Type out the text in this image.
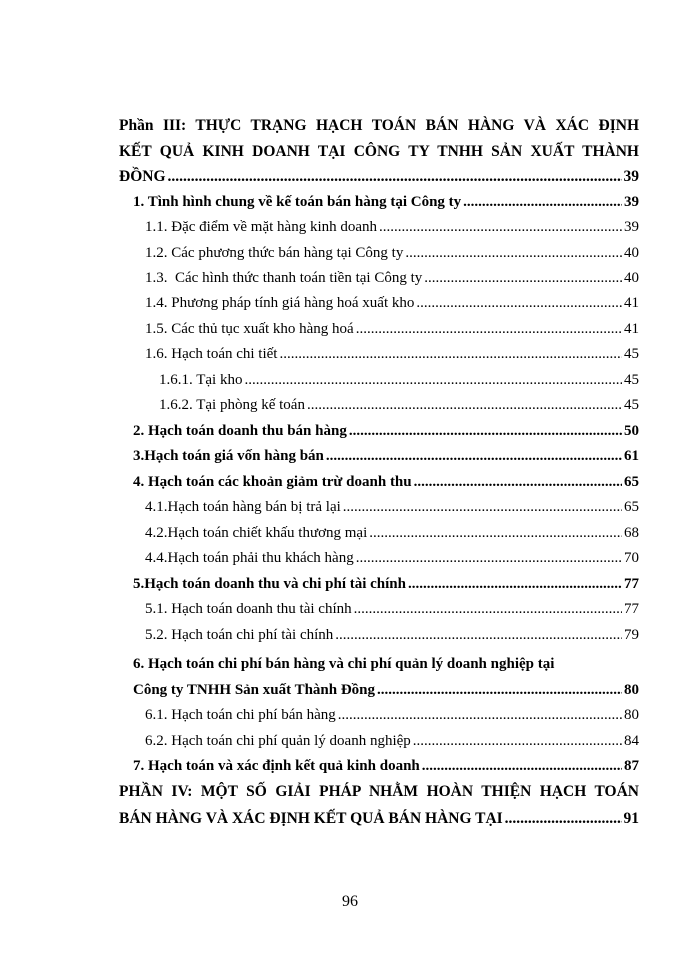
Phần III: THỰC TRẠNG HẠCH TOÁN BÁN HÀNG VÀ XÁC ĐỊNH
KẾT QUẢ KINH DOANH TẠI CÔNG TY TNHH SẢN XUẤT THÀNH
ĐỒNG .....	39
1. Tình hình chung về kế toán bán hàng tại Công ty .....	39
1.1. Đặc điểm về mặt hàng kinh doanh .....	39
1.2. Các phương thức bán hàng tại Công ty .....	40
1.3.  Các hình thức thanh toán tiền tại Công ty .....	40
1.4. Phương pháp tính giá hàng hoá xuất kho .....	41
1.5. Các thủ tục xuất kho hàng hoá .....	41
1.6. Hạch toán chi tiết .....	45
1.6.1. Tại kho .....	45
1.6.2. Tại phòng kế toán .....	45
2. Hạch toán doanh thu bán hàng .....	50
3.Hạch toán giá vốn hàng bán .....	61
4. Hạch toán các khoản giảm trừ doanh thu .....	65
4.1.Hạch toán hàng bán bị trả lại .....	65
4.2.Hạch toán chiết khấu thương mại .....	68
4.4.Hạch toán phải thu khách hàng .....	70
5.Hạch toán doanh thu và chi phí tài chính .....	77
5.1. Hạch toán doanh thu tài chính .....	77
5.2. Hạch toán chi phí tài chính .....	79
6. Hạch toán chi phí bán hàng và chi phí quản lý doanh nghiệp tại
Công ty TNHH Sản xuất Thành Đồng .....	80
6.1. Hạch toán chi phí bán hàng .....	80
6.2. Hạch toán chi phí quản lý doanh nghiệp .....	84
7. Hạch toán và xác định kết quả kinh doanh .....	87
PHẦN IV: MỘT SỐ GIẢI PHÁP NHẰM HOÀN THIỆN HẠCH TOÁN
BÁN HÀNG VÀ XÁC ĐỊNH KẾT QUẢ BÁN HÀNG TẠI .....	91
96
